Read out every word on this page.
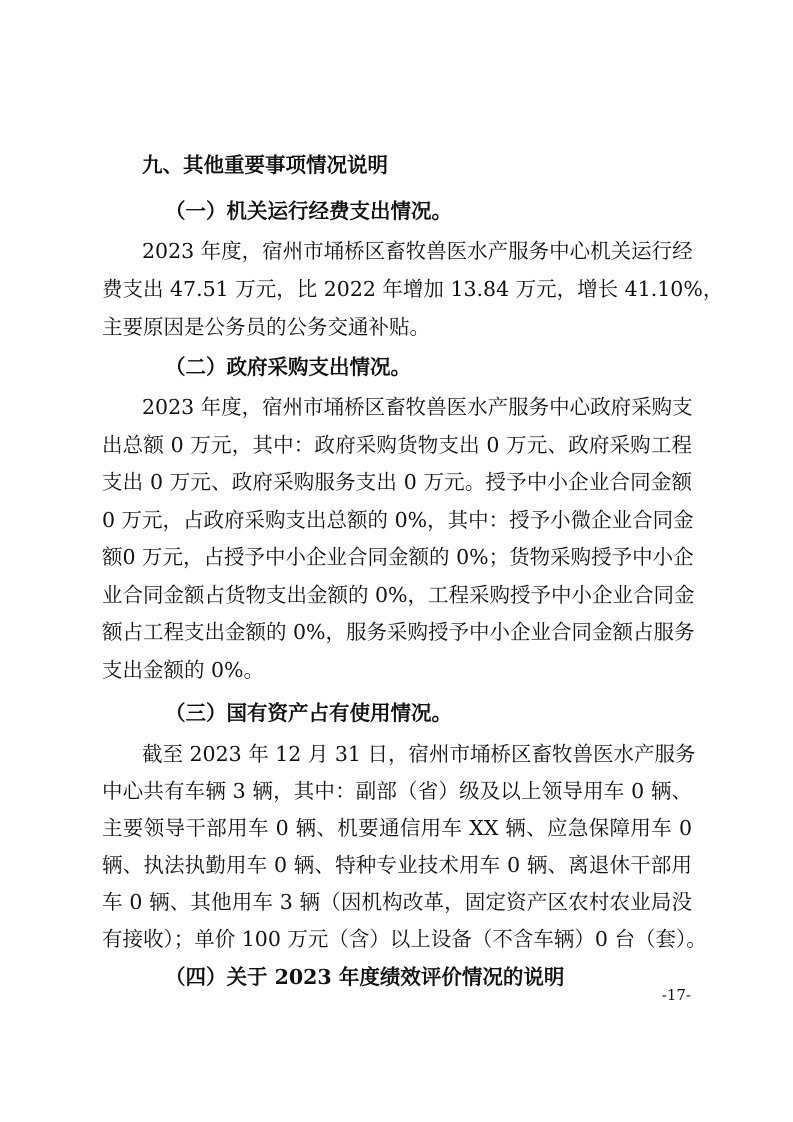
九、其他重要事项情况说明
（一）机关运行经费支出情况。
2023 年度，宿州市埇桥区畜牧兽医水产服务中心机关运行经
费支出 47.51 万元，比 2022 年增加 13.84 万元，增长 41.10%，
主要原因是公务员的公务交通补贴。
（二）政府采购支出情况。
2023 年度，宿州市埇桥区畜牧兽医水产服务中心政府采购支
出总额 0 万元，其中：政府采购货物支出 0 万元、政府采购工程
支出 0 万元、政府采购服务支出 0 万元。授予中小企业合同金额
0 万元，占政府采购支出总额的 0%，其中：授予小微企业合同金
额0 万元，占授予中小企业合同金额的 0%；货物采购授予中小企
业合同金额占货物支出金额的 0%，工程采购授予中小企业合同金
额占工程支出金额的 0%，服务采购授予中小企业合同金额占服务
支出金额的 0%。
（三）国有资产占有使用情况。
截至 2023 年 12 月 31 日，宿州市埇桥区畜牧兽医水产服务
中心共有车辆 3 辆，其中：副部（省）级及以上领导用车 0 辆、
主要领导干部用车 0 辆、机要通信用车 XX 辆、应急保障用车 0
辆、执法执勤用车 0 辆、特种专业技术用车 0 辆、离退休干部用
车 0 辆、其他用车 3 辆（因机构改革，固定资产区农村农业局没
有接收）；单价 100 万元（含）以上设备（不含车辆）0 台（套）。
（四）关于 2023 年度绩效评价情况的说明
-17-
